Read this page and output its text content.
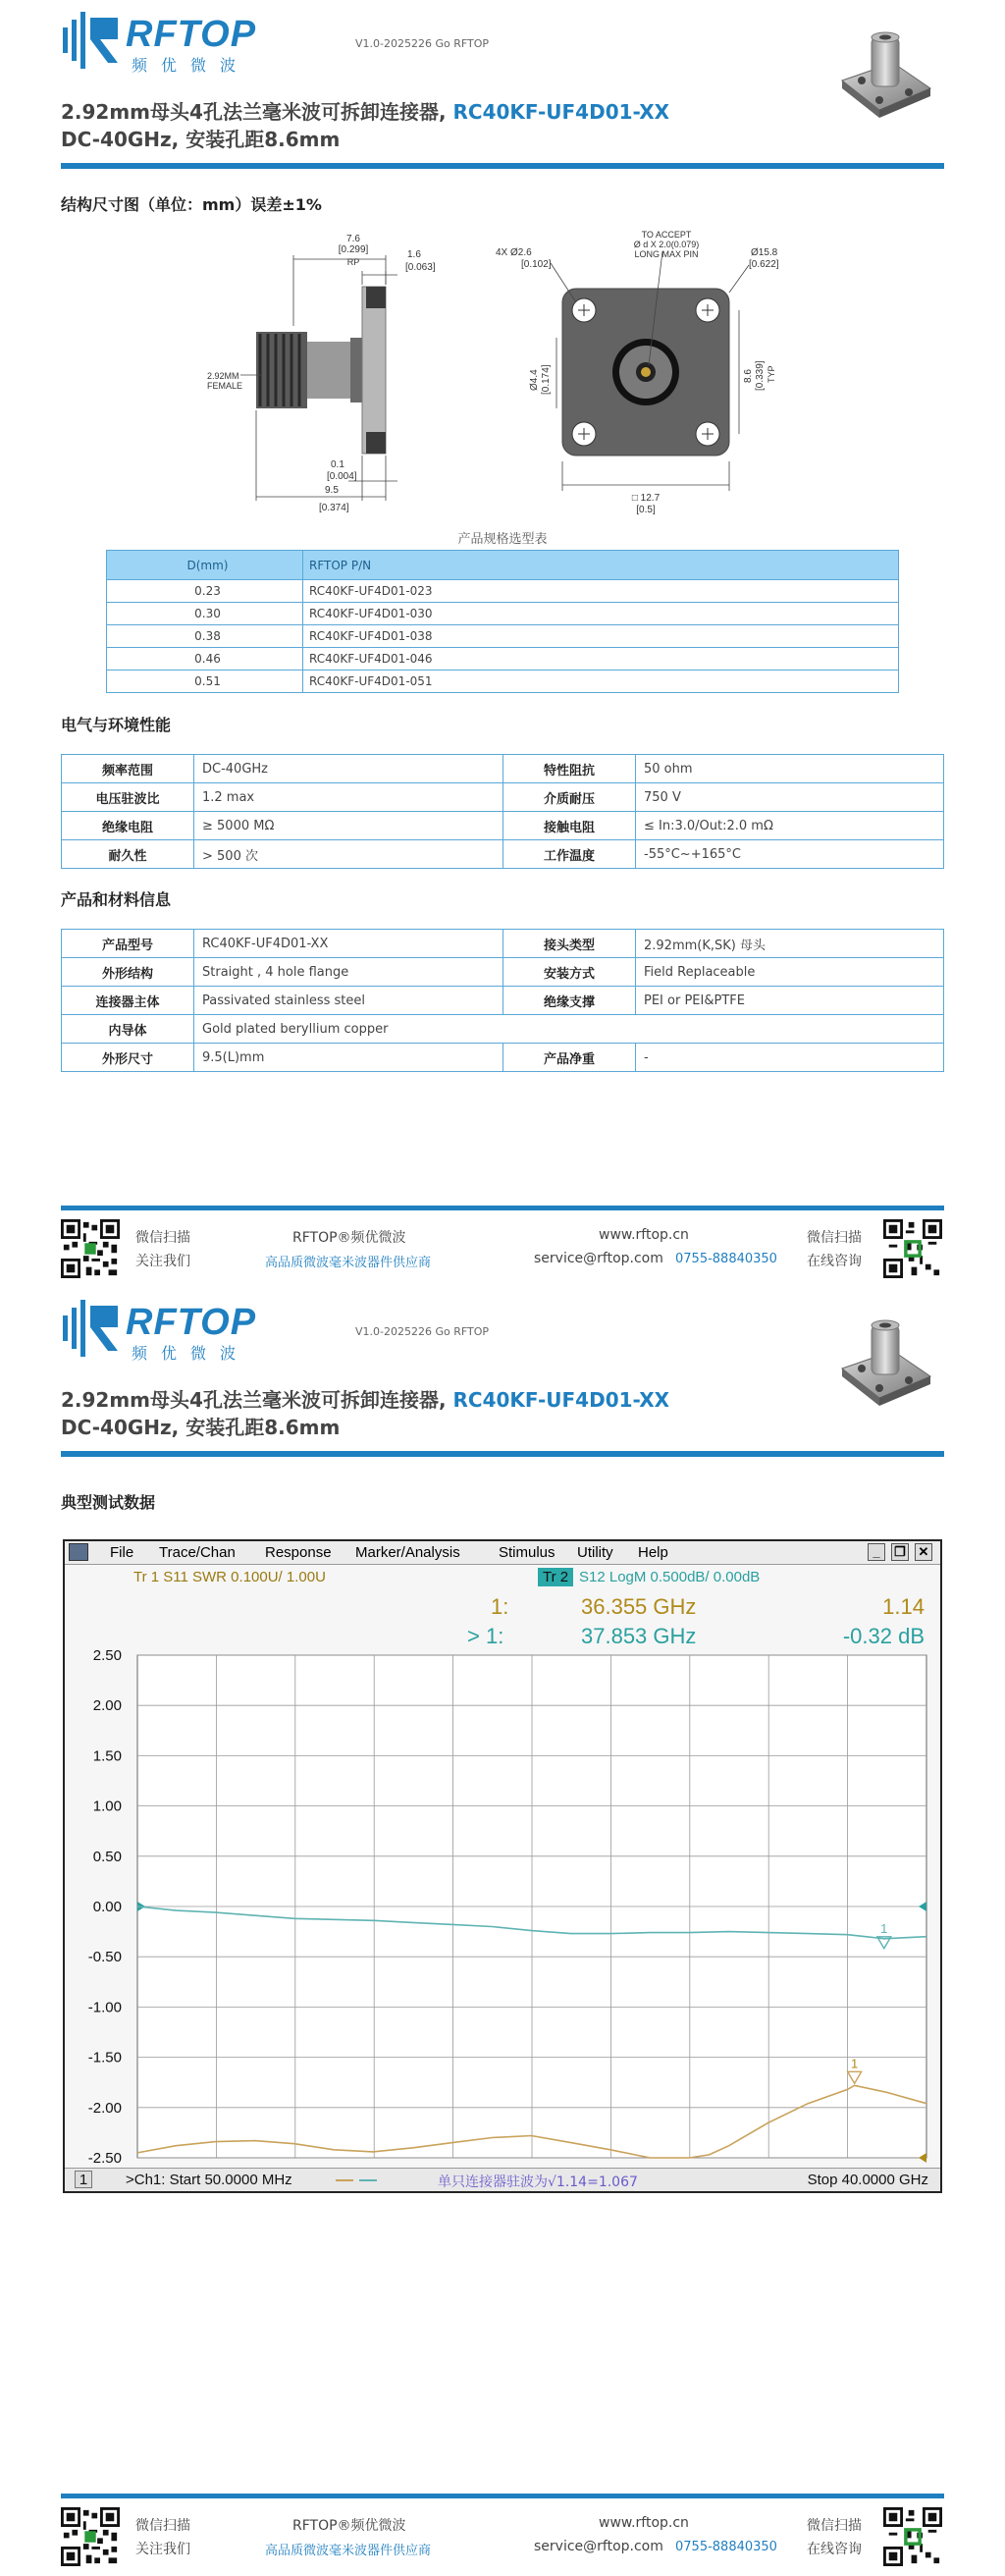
RFTOP
频优微波
V1.0-2025226 Go RFTOP
2.92mm母头4孔法兰毫米波可拆卸连接器, RC40KF-UF4D01-XX
DC-40GHz, 安装孔距8.6mm
结构尺寸图（单位：mm）误差±1%
7.6
[0.299]
RP
1.6
[0.063]
2.92MM
FEMALE
0.1
[0.004]
9.5
[0.374]
4X Ø2.6
[0.102]
TO ACCEPT
Ø d X 2.0(0.079)
LONG MAX PIN	Ø15.8
[0.622]
Ø4.4 [0.174]	8.6 [0.339] TYP
□ 12.7
[0.5]
产品规格选型表
D(mm)	RFTOP P/N
0.23	RC40KF-UF4D01-023
0.30	RC40KF-UF4D01-030
0.38	RC40KF-UF4D01-038
0.46	RC40KF-UF4D01-046
0.51	RC40KF-UF4D01-051
电气与环境性能
频率范围	DC-40GHz	特性阻抗	50 ohm
电压驻波比	1.2 max	介质耐压	750 V
绝缘电阻	≥ 5000 MΩ	接触电阻	≤ In:3.0/Out:2.0 mΩ
耐久性	> 500 次	工作温度	-55°C~+165°C
产品和材料信息
产品型号	RC40KF-UF4D01-XX	接头类型	2.92mm(K,SK) 母头
外形结构	Straight , 4 hole flange	安装方式	Field Replaceable
连接器主体	Passivated stainless steel	绝缘支撑	PEI or PEI&PTFE
内导体	Gold plated beryllium copper		
外形尺寸	9.5(L)mm	产品净重	-
微信扫描
关注我们
RFTOP®频优微波
高品质微波毫米波器件供应商
www.rftop.cn
service@rftop.com 0755-88840350
微信扫描
在线咨询
RFTOP
频优微波
V1.0-2025226 Go RFTOP
2.92mm母头4孔法兰毫米波可拆卸连接器, RC40KF-UF4D01-XX
DC-40GHz, 安装孔距8.6mm
典型测试数据
微信扫描
关注我们
RFTOP®频优微波
高品质微波毫米波器件供应商
www.rftop.cn
service@rftop.com 0755-88840350
微信扫描
在线咨询
File Trace/Chan Response Marker/Analysis	Stimulus Utility Help	_	❐ ✕
Tr 1 S11 SWR 0.100U/ 1.00U	Tr 2 S12 LogM 0.500dB/ 0.00dB
1:	36.355 GHz	1.14
> 1:	37.853 GHz	-0.32 dB
2.50
2.00
1.50
1.00
0.50
0.00
-0.50
-1.00
-1.50
-2.00
-2.50
1
1
1	>Ch1: Start 50.0000 MHz	单只连接器驻波为√1.14=1.067	Stop 40.0000 GHz
